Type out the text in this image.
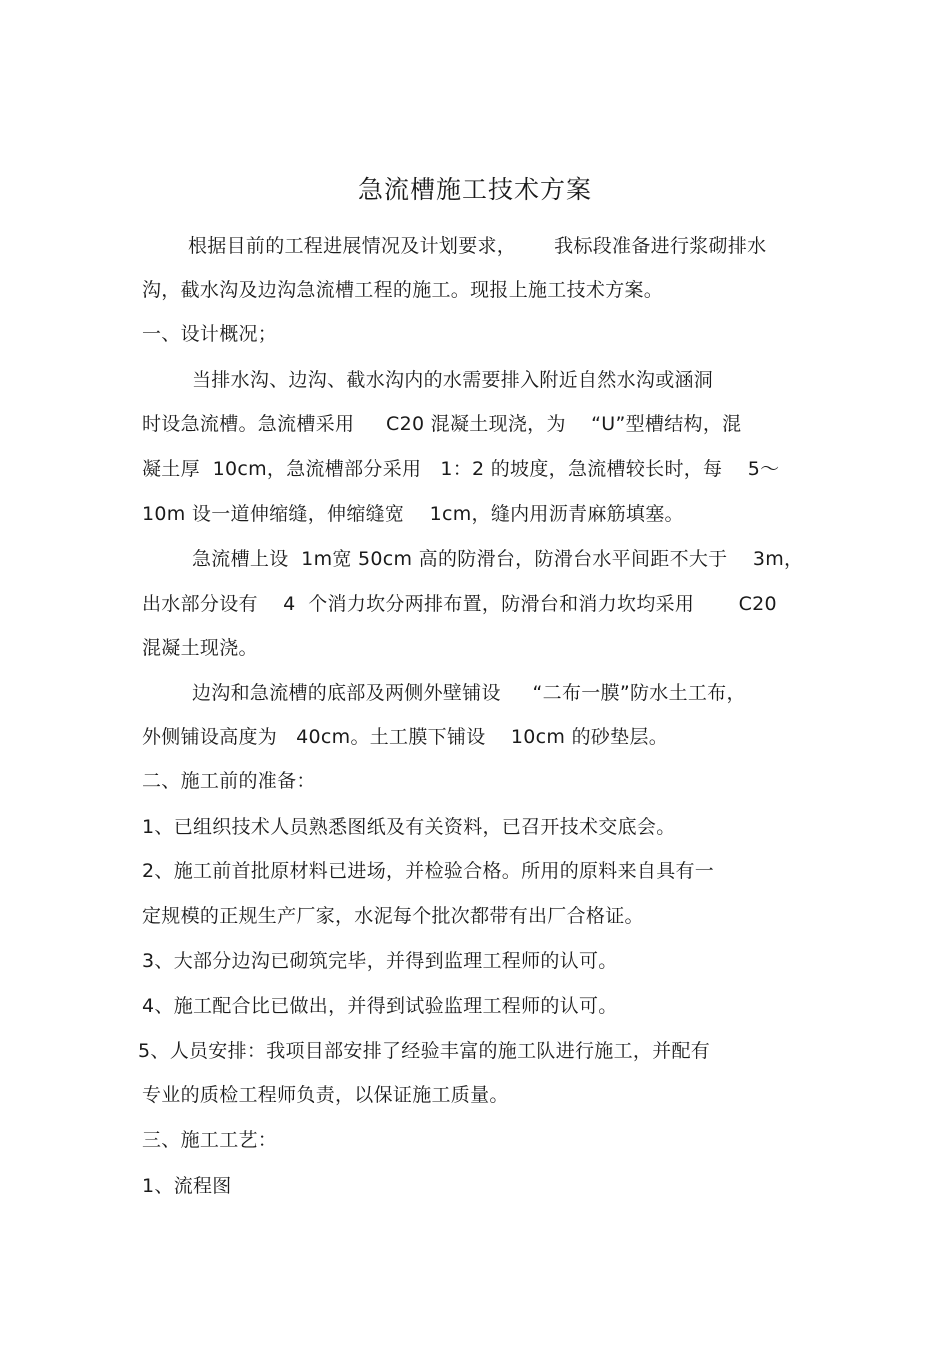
急流槽施工技术方案
根据目前的工程进展情况及计划要求，      我标段准备进行浆砌排水
沟，截水沟及边沟急流槽工程的施工。现报上施工技术方案。
一、设计概况；
当排水沟、边沟、截水沟内的水需要排入附近自然水沟或涵洞
时设急流槽。急流槽采用     C20 混凝土现浇，为    “U”型槽结构，混
凝土厚  10cm，急流槽部分采用   1：2 的坡度，急流槽较长时，每    5～
10m 设一道伸缩缝，伸缩缝宽    1cm，缝内用沥青麻筋填塞。
急流槽上设  1m宽 50cm 高的防滑台，防滑台水平间距不大于    3m，
出水部分设有    4  个消力坎分两排布置，防滑台和消力坎均采用       C20
混凝土现浇。
边沟和急流槽的底部及两侧外壁铺设     “二布一膜”防水土工布，
外侧铺设高度为   40cm。土工膜下铺设    10cm 的砂垫层。
二、施工前的准备：
1、已组织技术人员熟悉图纸及有关资料，已召开技术交底会。
2、施工前首批原材料已进场，并检验合格。所用的原料来自具有一
定规模的正规生产厂家，水泥每个批次都带有出厂合格证。
3、大部分边沟已砌筑完毕，并得到监理工程师的认可。
4、施工配合比已做出，并得到试验监理工程师的认可。
5、人员安排：我项目部安排了经验丰富的施工队进行施工，并配有
专业的质检工程师负责，以保证施工质量。
三、施工工艺：
1、流程图
